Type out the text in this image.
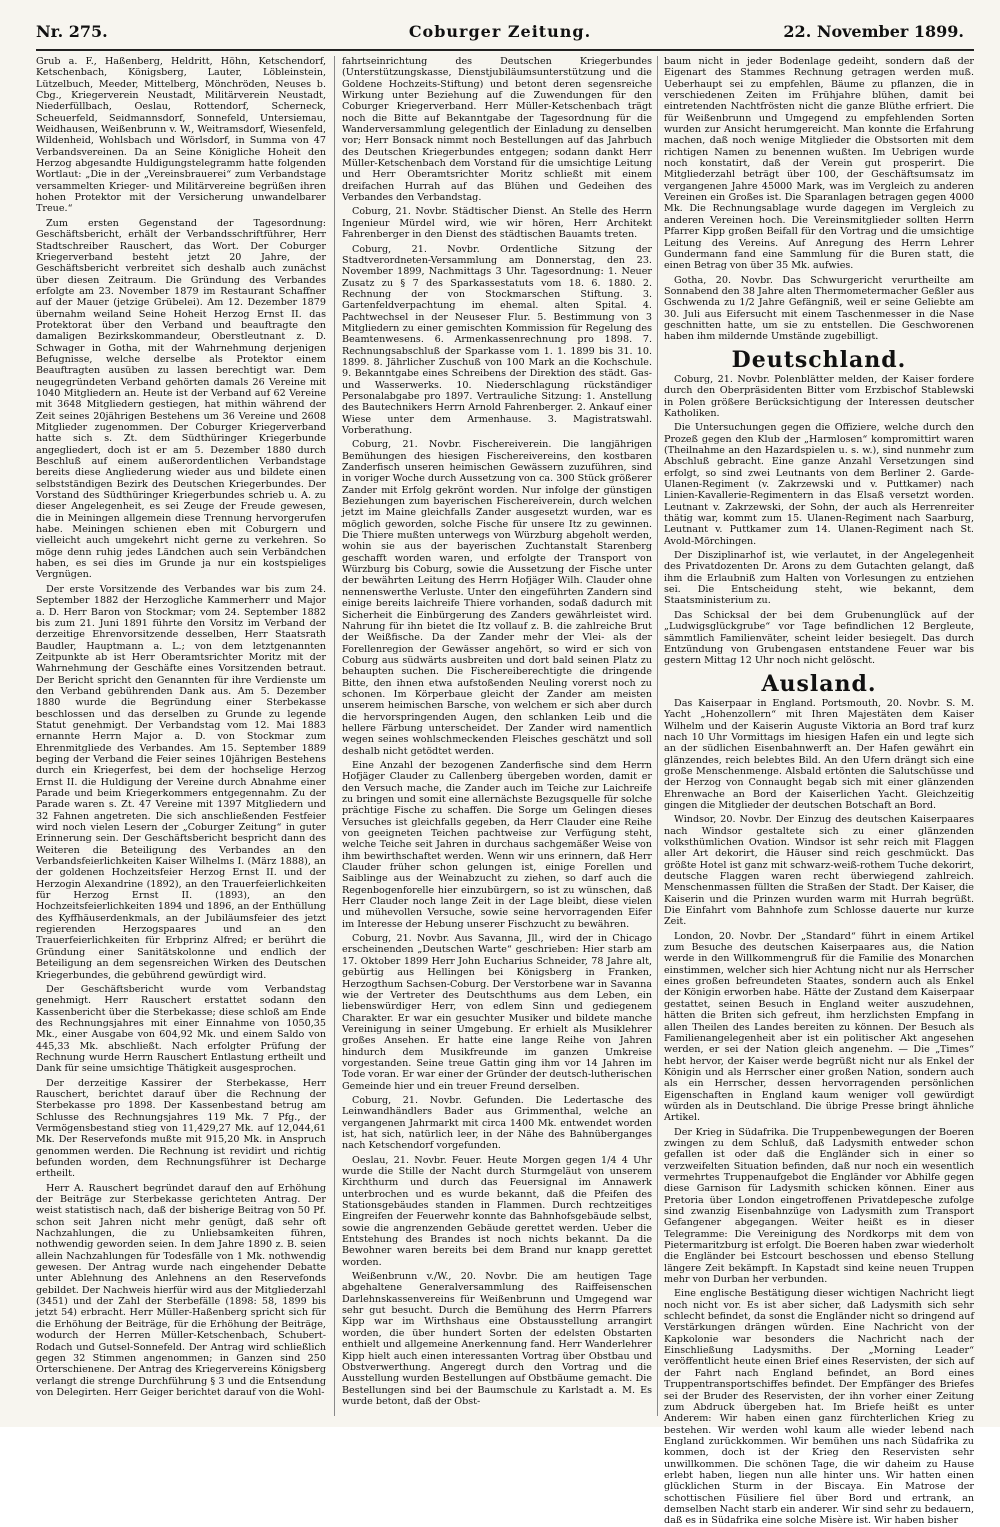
Nr. 275.	Coburger Zeitung.	22. November 1899.

Grub a. F., Haßenberg, Heldritt, Höhn, Ketschendorf, Ketschenbach, Königsberg, Lauter, Löbleinstein, Lützelbuch, Meeder, Mittelberg, Mönchröden, Neuses b. Cbg., Kriegerverein Neustadt, Militärverein Neustadt, Niederfüllbach, Oeslau, Rottendorf, Scherneck, Scheuerfeld, Seidmannsdorf, Sonnefeld, Untersiemau, Weidhausen, Weißenbrunn v. W., Weitramsdorf, Wiesenfeld, Wildenheid, Wohlsbach und Wörlsdorf, in Summa von 47 Verbandsvereinen. Da an Seine Königliche Hoheit den Herzog abgesandte Huldigungstelegramm hatte folgenden Wortlaut: „Die in der „Vereinsbrauerei“ zum Verbandstage versammelten Krieger- und Militärvereine begrüßen ihren hohen Protektor mit der Versicherung unwandelbarer Treue.“

Zum ersten Gegenstand der Tagesordnung: Geschäftsbericht, erhält der Verbandsschriftführer, Herr Stadtschreiber Rauschert, das Wort. Der Coburger Kriegerverband besteht jetzt 20 Jahre, der Geschäftsbericht verbreitet sich deshalb auch zunächst über diesen Zeitraum. Die Gründung des Verbandes erfolgte am 23. November 1879 im Restaurant Schaffner auf der Mauer (jetzige Grübelei). Am 12. Dezember 1879 übernahm weiland Seine Hoheit Herzog Ernst II. das Protektorat über den Verband und beauftragte den damaligen Bezirkskommandeur, Oberstleutnant z. D. Schwager in Gotha, mit der Wahrnehmung derjenigen Befugnisse, welche derselbe als Protektor einem Beauftragten ausüben zu lassen berechtigt war. Dem neugegründeten Verband gehörten damals 26 Vereine mit 1040 Mitgliedern an. Heute ist der Verband auf 62 Vereine mit 3648 Mitgliedern gestiegen, hat mithin während der Zeit seines 20jährigen Bestehens um 36 Vereine und 2608 Mitglieder zugenommen. Der Coburger Kriegerverband hatte sich s. Zt. dem Südthüringer Kriegerbunde angegliedert, doch ist er am 5. Dezember 1880 durch Beschluß auf einem außerordentlichen Verbandstage bereits diese Angliederung wieder aus und bildete einen selbstständigen Bezirk des Deutschen Kriegerbundes. Der Vorstand des Südthüringer Kriegerbundes schrieb u. A. zu dieser Angelegenheit, es sei Zeuge der Freude gewesen, die in Meiningen allgemein diese Trennung hervorgerufen habe. Meiningen schienen eben mit Coburgern und vielleicht auch umgekehrt nicht gerne zu verkehren. So möge denn ruhig jedes Ländchen auch sein Verbändchen haben, es sei dies im Grunde ja nur ein kostspieliges Vergnügen.

Der erste Vorsitzende des Verbandes war bis zum 24. September 1882 der Herzogliche Kammerherr und Major a. D. Herr Baron von Stockmar; vom 24. September 1882 bis zum 21. Juni 1891 führte den Vorsitz im Verband der derzeitige Ehrenvorsitzende desselben, Herr Staatsrath Baudler, Hauptmann a. L.; von dem letztgenannten Zeitpunkte ab ist Herr Oberamtsrichter Moritz mit der Wahrnehmung der Geschäfte eines Vorsitzenden betraut. Der Bericht spricht den Genannten für ihre Verdienste um den Verband gebührenden Dank aus. Am 5. Dezember 1880 wurde die Begründung einer Sterbekasse beschlossen und das derselben zu Grunde zu legende Statut genehmigt. Der Verbandstag vom 12. Mai 1883 ernannte Herrn Major a. D. von Stockmar zum Ehrenmitgliede des Verbandes. Am 15. September 1889 beging der Verband die Feier seines 10jährigen Bestehens durch ein Kriegerfest, bei dem der hochselige Herzog Ernst II. die Huldigung der Vereine durch Abnahme einer Parade und beim Kriegerkommers entgegennahm. Zu der Parade waren s. Zt. 47 Vereine mit 1397 Mitgliedern und 32 Fahnen angetreten. Die sich anschließenden Festfeier wird noch vielen Lesern der „Coburger Zeitung“ in guter Erinnerung sein. Der Geschäftsbericht bespricht dann des Weiteren die Beteiligung des Verbandes an den Verbandsfeierlichkeiten Kaiser Wilhelms I. (März 1888), an der goldenen Hochzeitsfeier Herzog Ernst II. und der Herzogin Alexandrine (1892), an den Trauerfeierlichkeiten für Herzog Ernst II. (1893), an den Hochzeitsfeierlichkeiten 1894 und 1896, an der Enthüllung des Kyffhäuserdenkmals, an der Jubiläumsfeier des jetzt regierenden Herzogspaares und an den Trauerfeierlichkeiten für Erbprinz Alfred; er berührt die Gründung einer Sanitätskolonne und endlich der Beteiligung an dem segensreichen Wirken des Deutschen Kriegerbundes, die gebührend gewürdigt wird.

Der Geschäftsbericht wurde vom Verbandstag genehmigt. Herr Rauschert erstattet sodann den Kassenbericht über die Sterbekasse; diese schloß am Ende des Rechnungsjahres mit einer Einnahme von 1050,35 Mk., einer Ausgabe von 604,92 Mk. und einem Saldo von 445,33 Mk. abschließt. Nach erfolgter Prüfung der Rechnung wurde Herrn Rauschert Entlastung ertheilt und Dank für seine umsichtige Thätigkeit ausgesprochen.

Der derzeitige Kassirer der Sterbekasse, Herr Rauschert, berichtet darauf über die Rechnung der Sterbekasse pro 1898. Der Kassenbestand betrug am Schlusse des Rechnungsjahres 119 Mk. 7 Pfg., der Vermögensbestand stieg von 11,429,27 Mk. auf 12,044,61 Mk. Der Reservefonds mußte mit 915,20 Mk. in Anspruch genommen werden. Die Rechnung ist revidirt und richtig befunden worden, dem Rechnungsführer ist Decharge ertheilt.

Herr A. Rauschert begründet darauf den auf Erhöhung der Beiträge zur Sterbekasse gerichteten Antrag. Der weist statistisch nach, daß der bisherige Beitrag von 50 Pf. schon seit Jahren nicht mehr genügt, daß sehr oft Nachzahlungen, die zu Unliebsamkeiten führen, nothwendig geworden seien. In dem Jahre 1890 z. B. seien allein Nachzahlungen für Todesfälle von 1 Mk. nothwendig gewesen. Der Antrag wurde nach eingehender Debatte unter Ablehnung des Anlehnens an den Reservefonds gebildet. Der Nachweis hierfür wird aus der Mitgliederzahl (3451) und der Zahl der Sterbefälle (1898: 58, 1899 bis jetzt 54) erbracht. Herr Müller-Haßenberg spricht sich für die Erhöhung der Beiträge, für die Erhöhung der Beiträge, wodurch der Herren Müller-Ketschenbach, Schubert-Rodach und Gutsel-Sonnefeld. Der Antrag wird schließlich gegen 32 Stimmen angenommen; in Ganzen sind 250 Orterschienene. Der Antrag des Kriegervereins Königsberg verlangt die strenge Durchführung § 3 und die Entsendung von Delegirten. Herr Geiger berichtet darauf von die Wohl-

fahrtseinrichtung des Deutschen Kriegerbundes (Unterstützungskasse, Dienstjubiläumsunterstützung und die Goldene Hochzeits-Stiftung) und betont deren segensreiche Wirkung unter Beziehung auf die Zuwendungen für den Coburger Kriegerverband. Herr Müller-Ketschenbach trägt noch die Bitte auf Bekanntgabe der Tagesordnung für die Wanderversammlung gelegentlich der Einladung zu denselben vor; Herr Bonsack nimmt noch Bestellungen auf das Jahrbuch des Deutschen Kriegerbundes entgegen; sodann dankt Herr Müller-Ketschenbach dem Vorstand für die umsichtige Leitung und Herr Oberamtsrichter Moritz schließt mit einem dreifachen Hurrah auf das Blühen und Gedeihen des Verbandes den Verbandstag.

Coburg, 21. Novbr. Städtischer Dienst. An Stelle des Herrn Ingenieur Mürdel wird, wie wir hören, Herr Architekt Fahrenberger in den Dienst des städtischen Bauamts treten.

Coburg, 21. Novbr. Ordentliche Sitzung der Stadtverordneten-Versammlung am Donnerstag, den 23. November 1899, Nachmittags 3 Uhr. Tagesordnung: 1. Neuer Zusatz zu § 7 des Sparkassestatuts vom 18. 6. 1880. 2. Rechnung der von Stockmarschen Stiftung. 3. Gartenfeldverpachtung im ehemal. alten Spital. 4. Pachtwechsel in der Neuseser Flur. 5. Bestimmung von 3 Mitgliedern zu einer gemischten Kommission für Regelung des Beamtenwesens. 6. Armenkassenrechnung pro 1898. 7. Rechnungsabschluß der Sparkasse vom 1. 1. 1899 bis 31. 10. 1899. 8. Jährlicher Zuschuß von 100 Mark an die Kochschule. 9. Bekanntgabe eines Schreibens der Direktion des städt. Gas- und Wasserwerks. 10. Niederschlagung rückständiger Personalabgabe pro 1897. Vertrauliche Sitzung: 1. Anstellung des Bautechnikers Herrn Arnold Fahrenberger. 2. Ankauf einer Wiese unter dem Armenhause. 3. Magistratswahl. Vorberathung.

Coburg, 21. Novbr. Fischereiverein. Die langjährigen Bemühungen des hiesigen Fischereivereins, den kostbaren Zanderfisch unseren heimischen Gewässern zuzuführen, sind in voriger Woche durch Aussetzung von ca. 300 Stück größerer Zander mit Erfolg gekrönt worden. Nur infolge der günstigen Beziehungen zum bayerischen Fischereiverein, durch welchen jetzt im Maine gleichfalls Zander ausgesetzt wurden, war es möglich geworden, solche Fische für unsere Itz zu gewinnen. Die Thiere mußten unterwegs von Würzburg abgeholt werden, wohin sie aus der bayerischen Zuchtanstalt Starenberg geschafft worden waren, und erfolgte der Transport von Würzburg bis Coburg, sowie die Aussetzung der Fische unter der bewährten Leitung des Herrn Hofjäger Wilh. Clauder ohne nennenswerthe Verluste. Unter den eingeführten Zandern sind einige bereits laichreife Thiere vorhanden, sodaß dadurch mit Sicherheit die Einbürgerung des Zanders gewährleistet wird. Nahrung für ihn bietet die Itz vollauf z. B. die zahlreiche Brut der Weißfische. Da der Zander mehr der Vlei- als der Forellenregion der Gewässer angehört, so wird er sich von Coburg aus südwärts ausbreiten und dort bald seinen Platz zu behaupten suchen. Die Fischereiberechtigte die dringende Bitte, den ihnen etwa aufstoßenden Neuling vorerst noch zu schonen. Im Körperbaue gleicht der Zander am meisten unserem heimischen Barsche, von welchem er sich aber durch die hervorspringenden Augen, den schlanken Leib und die hellere Färbung unterscheidet. Der Zander wird namentlich wegen seines wohlschmeckenden Fleisches geschätzt und soll deshalb nicht getödtet werden.

Eine Anzahl der bezogenen Zanderfische sind dem Herrn Hofjäger Clauder zu Callenberg übergeben worden, damit er den Versuch mache, die Zander auch im Teiche zur Laichreife zu bringen und somit eine allernächste Bezugsquelle für solche prächtige Fische zu schaffen. Die Sorge um Gelingen dieses Versuches ist gleichfalls gegeben, da Herr Clauder eine Reihe von geeigneten Teichen pachtweise zur Verfügung steht, welche Teiche seit Jahren in durchaus sachgemäßer Weise von ihm bewirthschaftet werden. Wenn wir uns erinnern, daß Herr Clauder früher schon gelungen ist, einige Forellen und Saiblinge aus der Weinabzucht zu ziehen, so darf auch die Regenbogenforelle hier einzubürgern, so ist zu wünschen, daß Herr Clauder noch lange Zeit in der Lage bleibt, diese vielen und mühevollen Versuche, sowie seine hervorragenden Eifer im Interesse der Hebung unserer Fischzucht zu bewähren.

Coburg, 21. Novbr. Aus Savanna, Jll., wird der in Chicago erscheinenden „Deutschen Warte“ geschrieben: Hier starb am 17. Oktober 1899 Herr John Eucharius Schneider, 78 Jahre alt, gebürtig aus Hellingen bei Königsberg in Franken, Herzogthum Sachsen-Coburg. Der Verstorbene war in Savanna wie der Vertreter des Deutschthums aus dem Leben, ein liebenswürdiger Herr, von edlem Sinn und gediegenem Charakter. Er war ein gesuchter Musiker und bildete manche Vereinigung in seiner Umgebung. Er erhielt als Musiklehrer großes Ansehen. Er hatte eine lange Reihe von Jahren hindurch dem Musikfreunde im ganzen Umkreise vorgestanden. Seine treue Gattin ging ihm vor 14 Jahren im Tode voran. Er war einer der Gründer der deutsch-lutherischen Gemeinde hier und ein treuer Freund derselben.

Coburg, 21. Novbr. Gefunden. Die Ledertasche des Leinwandhändlers Bader aus Grimmenthal, welche an vergangenen Jahrmarkt mit circa 1400 Mk. entwendet worden ist, hat sich, natürlich leer, in der Nähe des Bahnüberganges nach Ketschendorf vorgefunden.

Oeslau, 21. Novbr. Feuer. Heute Morgen gegen 1/4 4 Uhr wurde die Stille der Nacht durch Sturmgeläut von unserem Kirchthurm und durch das Feuersignal im Annawerk unterbrochen und es wurde bekannt, daß die Pfeifen des Stationsgebäudes standen in Flammen. Durch rechtzeitiges Eingreifen der Feuerwehr konnte das Bahnhofsgebäude selbst, sowie die angrenzenden Gebäude gerettet werden. Ueber die Entstehung des Brandes ist noch nichts bekannt. Da die Bewohner waren bereits bei dem Brand nur knapp gerettet worden.

Weißenbrunn v./W., 20. Novbr. Die am heutigen Tage abgehaltene Generalversammlung des Raiffeisenschen Darlehnskassenvereins für Weißenbrunn und Umgegend war sehr gut besucht. Durch die Bemühung des Herrn Pfarrers Kipp war im Wirthshaus eine Obstausstellung arrangirt worden, die über hundert Sorten der edelsten Obstarten enthielt und allgemeine Anerkennung fand. Herr Wanderlehrer Kipp hielt auch einen interessanten Vortrag über Obstbau und Obstverwerthung. Angeregt durch den Vortrag und die Ausstellung wurden Bestellungen auf Obstbäume gemacht. Die Bestellungen sind bei der Baumschule zu Karlstadt a. M. Es wurde betont, daß der Obst-

baum nicht in jeder Bodenlage gedeiht, sondern daß der Eigenart des Stammes Rechnung getragen werden muß. Ueberhaupt sei zu empfehlen, Bäume zu pflanzen, die in verschiedenen Zeiten im Frühjahre blühen, damit bei eintretenden Nachtfrösten nicht die ganze Blüthe erfriert. Die für Weißenbrunn und Umgegend zu empfehlenden Sorten wurden zur Ansicht herumgereicht. Man konnte die Erfahrung machen, daß noch wenige Mitglieder die Obstsorten mit dem richtigen Namen zu benennen wußten. Im Uebrigen wurde noch konstatirt, daß der Verein gut prosperirt. Die Mitgliederzahl beträgt über 100, der Geschäftsumsatz im vergangenen Jahre 45000 Mark, was im Vergleich zu anderen Vereinen ein Großes ist. Die Sparanlagen betragen gegen 4000 Mk. Die Rechnungsablage wurde dagegen im Vergleich zu anderen Vereinen hoch. Die Vereinsmitglieder sollten Herrn Pfarrer Kipp großen Beifall für den Vortrag und die umsichtige Leitung des Vereins. Auf Anregung des Herrn Lehrer Gundermann fand eine Sammlung für die Buren statt, die einen Betrag von über 35 Mk. aufwies.

Gotha, 20. Novbr. Das Schwurgericht verurtheilte am Sonnabend den 38 Jahre alten Thermometermacher Geßler aus Gschwenda zu 1/2 Jahre Gefängniß, weil er seine Geliebte am 30. Juli aus Eifersucht mit einem Taschenmesser in die Nase geschnitten hatte, um sie zu entstellen. Die Geschworenen haben ihm mildernde Umstände zugebilligt.

Deutschland.

Coburg, 21. Novbr. Polenblätter melden, der Kaiser fordere durch den Oberpräsidenten Bitter vom Erzbischof Stablewski in Polen größere Berücksichtigung der Interessen deutscher Katholiken.

Die Untersuchungen gegen die Offiziere, welche durch den Prozeß gegen den Klub der „Harmlosen“ kompromittirt waren (Theilnahme an den Hazardspielen u. s. w.), sind nunmehr zum Abschluß gebracht. Eine ganze Anzahl Versetzungen sind erfolgt, so sind zwei Leutnants von dem Berliner 2. Garde-Ulanen-Regiment (v. Zakrzewski und v. Puttkamer) nach Linien-Kavallerie-Regimentern in das Elsaß versetzt worden. Leutnant v. Zakrzewski, der Sohn, der auch als Herrenreiter thätig war, kommt zum 15. Ulanen-Regiment nach Saarburg, Leutnant v. Puttkamer zum 14. Ulanen-Regiment nach St. Avold-Mörchingen.

Der Disziplinarhof ist, wie verlautet, in der Angelegenheit des Privatdozenten Dr. Arons zu dem Gutachten gelangt, daß ihm die Erlaubniß zum Halten von Vorlesungen zu entziehen sei. Die Entscheidung steht, wie bekannt, dem Staatsministerium zu.

Das Schicksal der bei dem Grubenunglück auf der „Ludwigsglückgrube“ vor Tage befindlichen 12 Bergleute, sämmtlich Familienväter, scheint leider besiegelt. Das durch Entzündung von Grubengasen entstandene Feuer war bis gestern Mittag 12 Uhr noch nicht gelöscht.

Ausland.

Das Kaiserpaar in England. Portsmouth, 20. Novbr. S. M. Yacht „Hohenzollern“ mit Ihren Majestäten dem Kaiser Wilhelm und der Kaiserin Auguste Viktoria an Bord traf kurz nach 10 Uhr Vormittags im hiesigen Hafen ein und legte sich an der südlichen Eisenbahnwerft an. Der Hafen gewährt ein glänzendes, reich belebtes Bild. An den Ufern drängt sich eine große Menschenmenge. Alsbald ertönten die Salutschüsse und der Herzog von Connaught begab sich mit einer glänzenden Ehrenwache an Bord der Kaiserlichen Yacht. Gleichzeitig gingen die Mitglieder der deutschen Botschaft an Bord.

Windsor, 20. Novbr. Der Einzug des deutschen Kaiserpaares nach Windsor gestaltete sich zu einer glänzenden volksthümlichen Ovation. Windsor ist sehr reich mit Flaggen aller Art dekorirt, die Häuser sind reich geschmückt. Das größte Hotel ist ganz mit schwarz-weiß-rothem Tuche dekorirt, deutsche Flaggen waren recht überwiegend zahlreich. Menschenmassen füllten die Straßen der Stadt. Der Kaiser, die Kaiserin und die Prinzen wurden warm mit Hurrah begrüßt. Die Einfahrt vom Bahnhofe zum Schlosse dauerte nur kurze Zeit.

London, 20. Novbr. Der „Standard“ führt in einem Artikel zum Besuche des deutschen Kaiserpaares aus, die Nation werde in den Willkommengruß für die Familie des Monarchen einstimmen, welcher sich hier Achtung nicht nur als Herrscher eines großen befreundeten Staates, sondern auch als Enkel der Königin erworben habe. Hätte der Zustand dem Kaiserpaar gestattet, seinen Besuch in England weiter auszudehnen, hätten die Briten sich gefreut, ihm herzlichsten Empfang in allen Theilen des Landes bereiten zu können. Der Besuch als Familienangelegenheit aber ist ein politischer Akt angesehen werden, er sei der Nation gleich angenehm. — Die „Times“ hebt hervor, der Kaiser werde begrüßt nicht nur als Enkel der Königin und als Herrscher einer großen Nation, sondern auch als ein Herrscher, dessen hervorragenden persönlichen Eigenschaften in England kaum weniger voll gewürdigt würden als in Deutschland. Die übrige Presse bringt ähnliche Artikel.

Der Krieg in Südafrika. Die Truppenbewegungen der Boeren zwingen zu dem Schluß, daß Ladysmith entweder schon gefallen ist oder daß die Engländer sich in einer so verzweifelten Situation befinden, daß nur noch ein wesentlich vermehrtes Truppenaufgebot die Engländer vor Abhilfe gegen diese Garnison für Ladysmith schicken können. Einer aus Pretoria über London eingetroffenen Privatdepesche zufolge sind zwanzig Eisenbahnzüge von Ladysmith zum Transport Gefangener abgegangen. Weiter heißt es in dieser Telegramme: Die Vereinigung des Nordkorps mit dem von Pietermaritzburg ist erfolgt. Die Boeren haben zwar wiederholt die Engländer bei Estcourt beschossen und ebenso Stellung längere Zeit bekämpft. In Kapstadt sind keine neuen Truppen mehr von Durban her verbunden.

Eine englische Bestätigung dieser wichtigen Nachricht liegt noch nicht vor. Es ist aber sicher, daß Ladysmith sich sehr schlecht befindet, da sonst die Engländer nicht so dringend auf Verstärkungen drängen würden. Eine Nachricht von der Kapkolonie war besonders die Nachricht nach der Einschließung Ladysmiths. Der „Morning Leader“ veröffentlicht heute einen Brief eines Reservisten, der sich auf der Fahrt nach England befindet, an Bord eines Truppentransportschiffes befindet. Der Empfänger des Briefes sei der Bruder des Reservisten, der ihn vorher einer Zeitung zum Abdruck übergeben hat. Im Briefe heißt es unter Anderem: Wir haben einen ganz fürchterlichen Krieg zu bestehen. Wir werden wohl kaum alle wieder lebend nach England zurückkommen. Wir bemühen uns nach Südafrika zu kommen, doch ist der Krieg den Reservisten sehr unwillkommen. Die schönen Tage, die wir daheim zu Hause erlebt haben, liegen nun alle hinter uns. Wir hatten einen glücklichen Sturm in der Biscaya. Ein Matrose der schottischen Füsiliere fiel über Bord und ertrank, an demselben Nacht starb ein anderer. Wir sind sehr zu bedauern, daß es in Südafrika eine solche Misère ist. Wir haben bisher
